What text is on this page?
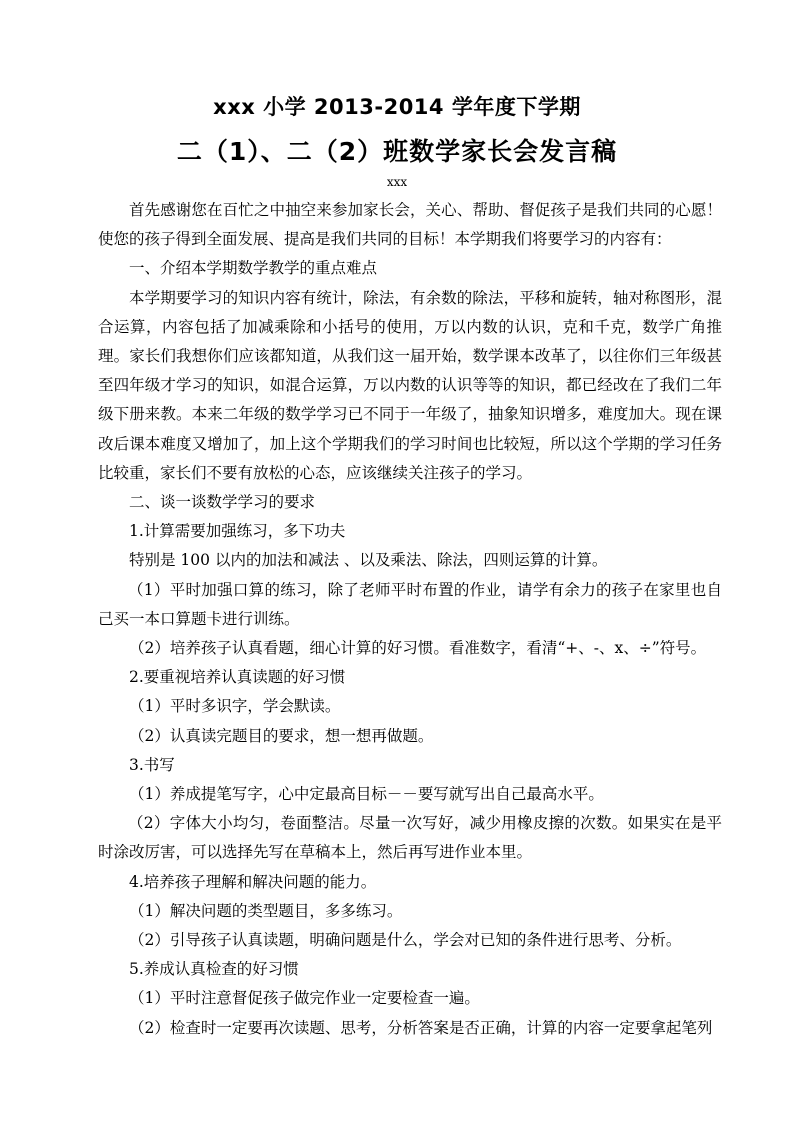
xxx 小学 2013-2014 学年度下学期
二（1）、二（2）班数学家长会发言稿
xxx

首先感谢您在百忙之中抽空来参加家长会，关心、帮助、督促孩子是我们共同的心愿！使您的孩子得到全面发展、提高是我们共同的目标！本学期我们将要学习的内容有：

一、介绍本学期数学教学的重点难点

本学期要学习的知识内容有统计，除法，有余数的除法，平移和旋转，轴对称图形，混合运算，内容包括了加减乘除和小括号的使用，万以内数的认识，克和千克，数学广角推理。家长们我想你们应该都知道，从我们这一届开始，数学课本改革了，以往你们三年级甚至四年级才学习的知识，如混合运算，万以内数的认识等等的知识，都已经改在了我们二年级下册来教。本来二年级的数学学习已不同于一年级了，抽象知识增多，难度加大。现在课改后课本难度又增加了，加上这个学期我们的学习时间也比较短，所以这个学期的学习任务比较重，家长们不要有放松的心态，应该继续关注孩子的学习。

二、谈一谈数学学习的要求

1.计算需要加强练习，多下功夫

特别是 100 以内的加法和减法 、以及乘法、除法，四则运算的计算。

（1）平时加强口算的练习，除了老师平时布置的作业，请学有余力的孩子在家里也自己买一本口算题卡进行训练。

（2）培养孩子认真看题，细心计算的好习惯。看准数字，看清“+、-、x、÷”符号。

2.要重视培养认真读题的好习惯

（1）平时多识字，学会默读。

（2）认真读完题目的要求，想一想再做题。

3.书写

（1）养成提笔写字，心中定最高目标－－要写就写出自己最高水平。

（2）字体大小均匀，卷面整洁。尽量一次写好，减少用橡皮擦的次数。如果实在是平时涂改厉害，可以选择先写在草稿本上，然后再写进作业本里。

4.培养孩子理解和解决问题的能力。

（1）解决问题的类型题目，多多练习。

（2）引导孩子认真读题，明确问题是什么，学会对已知的条件进行思考、分析。

5.养成认真检查的好习惯

（1）平时注意督促孩子做完作业一定要检查一遍。

（2）检查时一定要再次读题、思考，分析答案是否正确，计算的内容一定要拿起笔列
